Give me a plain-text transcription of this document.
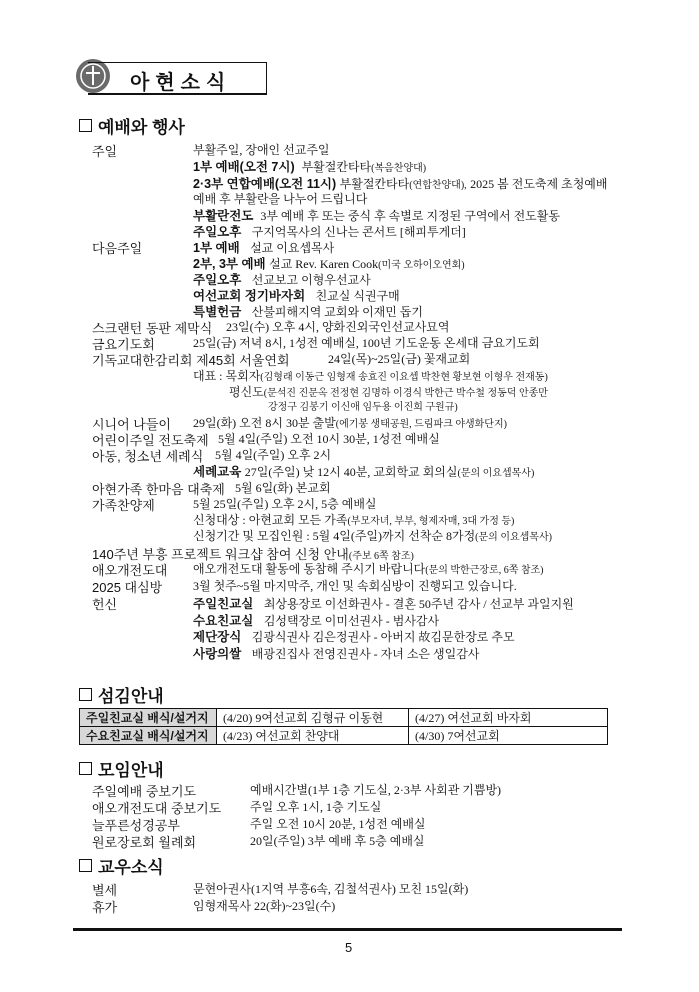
아현소식
예배와 행사
주일	부활주일, 장애인 선교주일
1부 예배(오전 7시) 부활절칸타타(복음찬양대)
2·3부 연합예배(오전 11시) 부활절칸타타(연합찬양대), 2025 봄 전도축제 초청예배
예배 후 부활란을 나누어 드립니다
부활란전도 3부 예배 후 또는 중식 후 속별로 지정된 구역에서 전도활동
주일오후 구지억목사의 신나는 콘서트 [해피투게더]
다음주일	1부 예배 설교 이요셉목사
2부, 3부 예배 설교 Rev. Karen Cook(미국 오하이오연회)
주일오후 선교보고 이형우선교사
여선교회 정기바자회 친교실 식권구매
특별헌금 산불피해지역 교회와 이재민 돕기
스크랜턴 동판 제막식 23일(수) 오후 4시, 양화진외국인선교사묘역
금요기도회	25일(금) 저녁 8시, 1성전 예배실, 100년 기도운동 온세대 금요기도회
기독교대한감리회 제45회 서울연회	24일(목)~25일(금) 꽃재교회
대표 : 목회자(김형래 이동근 임형재 송효진 이요셉 박찬현 황보현 이형우 전재동)
평신도(문석진 진문옥 전정현 김명하 이경식 박한근 박수철 정동덕 안종만
강정구 김봉기 이신애 임두용 이진희 구원규)
시니어 나들이 29일(화) 오전 8시 30분 출발(에기봉 생태공원, 드림파크 야생화단지)
어린이주일 전도축제 5월 4일(주일) 오전 10시 30분, 1성전 예배실
아동, 청소년 세례식 5월 4일(주일) 오후 2시
세례교육 27일(주일) 낮 12시 40분, 교회학교 회의실(문의 이요셉목사)
아현가족 한마음 대축제 5월 6일(화) 본교회
가족찬양제	5월 25일(주일) 오후 2시, 5층 예배실
신청대상 : 아현교회 모든 가족(부모자녀, 부부, 형제자매, 3대 가정 등)
신청기간 및 모집인원 : 5월 4일(주일)까지 선착순 8가정(문의 이요셉목사)
140주년 부흥 프로젝트 워크샵 참여 신청 안내(주보 6쪽 참조)
애오개전도대 애오개전도대 활동에 동참해 주시기 바랍니다(문의 박한근장로, 6쪽 참조)
2025 대심방	3월 첫주~5월 마지막주, 개인 및 속회심방이 진행되고 있습니다.
헌신	주일친교실 최상용장로 이선화권사 - 결혼 50주년 감사 / 선교부 과일지원
수요친교실 김성택장로 이미선권사 - 범사감사
제단장식 김광식권사 김은정권사 - 아버지 故김문한장로 추모
사랑의쌀 배광진집사 전영진권사 - 자녀 소은 생일감사
섬김안내
주일친교실 배식/설거지	(4/20) 9여선교회 김형규 이동현	(4/27) 여선교회 바자회
수요친교실 배식/설거지	(4/23) 여선교회 찬양대	(4/30) 7여선교회
모임안내
주일예배 중보기도	예배시간별(1부 1층 기도실, 2·3부 사회관 기쁨방)
애오개전도대 중보기도 주일 오후 1시, 1층 기도실
늘푸른성경공부	주일 오전 10시 20분, 1성전 예배실
원로장로회 월례회	20일(주일) 3부 예배 후 5층 예배실
교우소식
별세	문현아권사(1지역 부흥6속, 김철석권사) 모친 15일(화)
휴가	임형재목사 22(화)~23일(수)
5
